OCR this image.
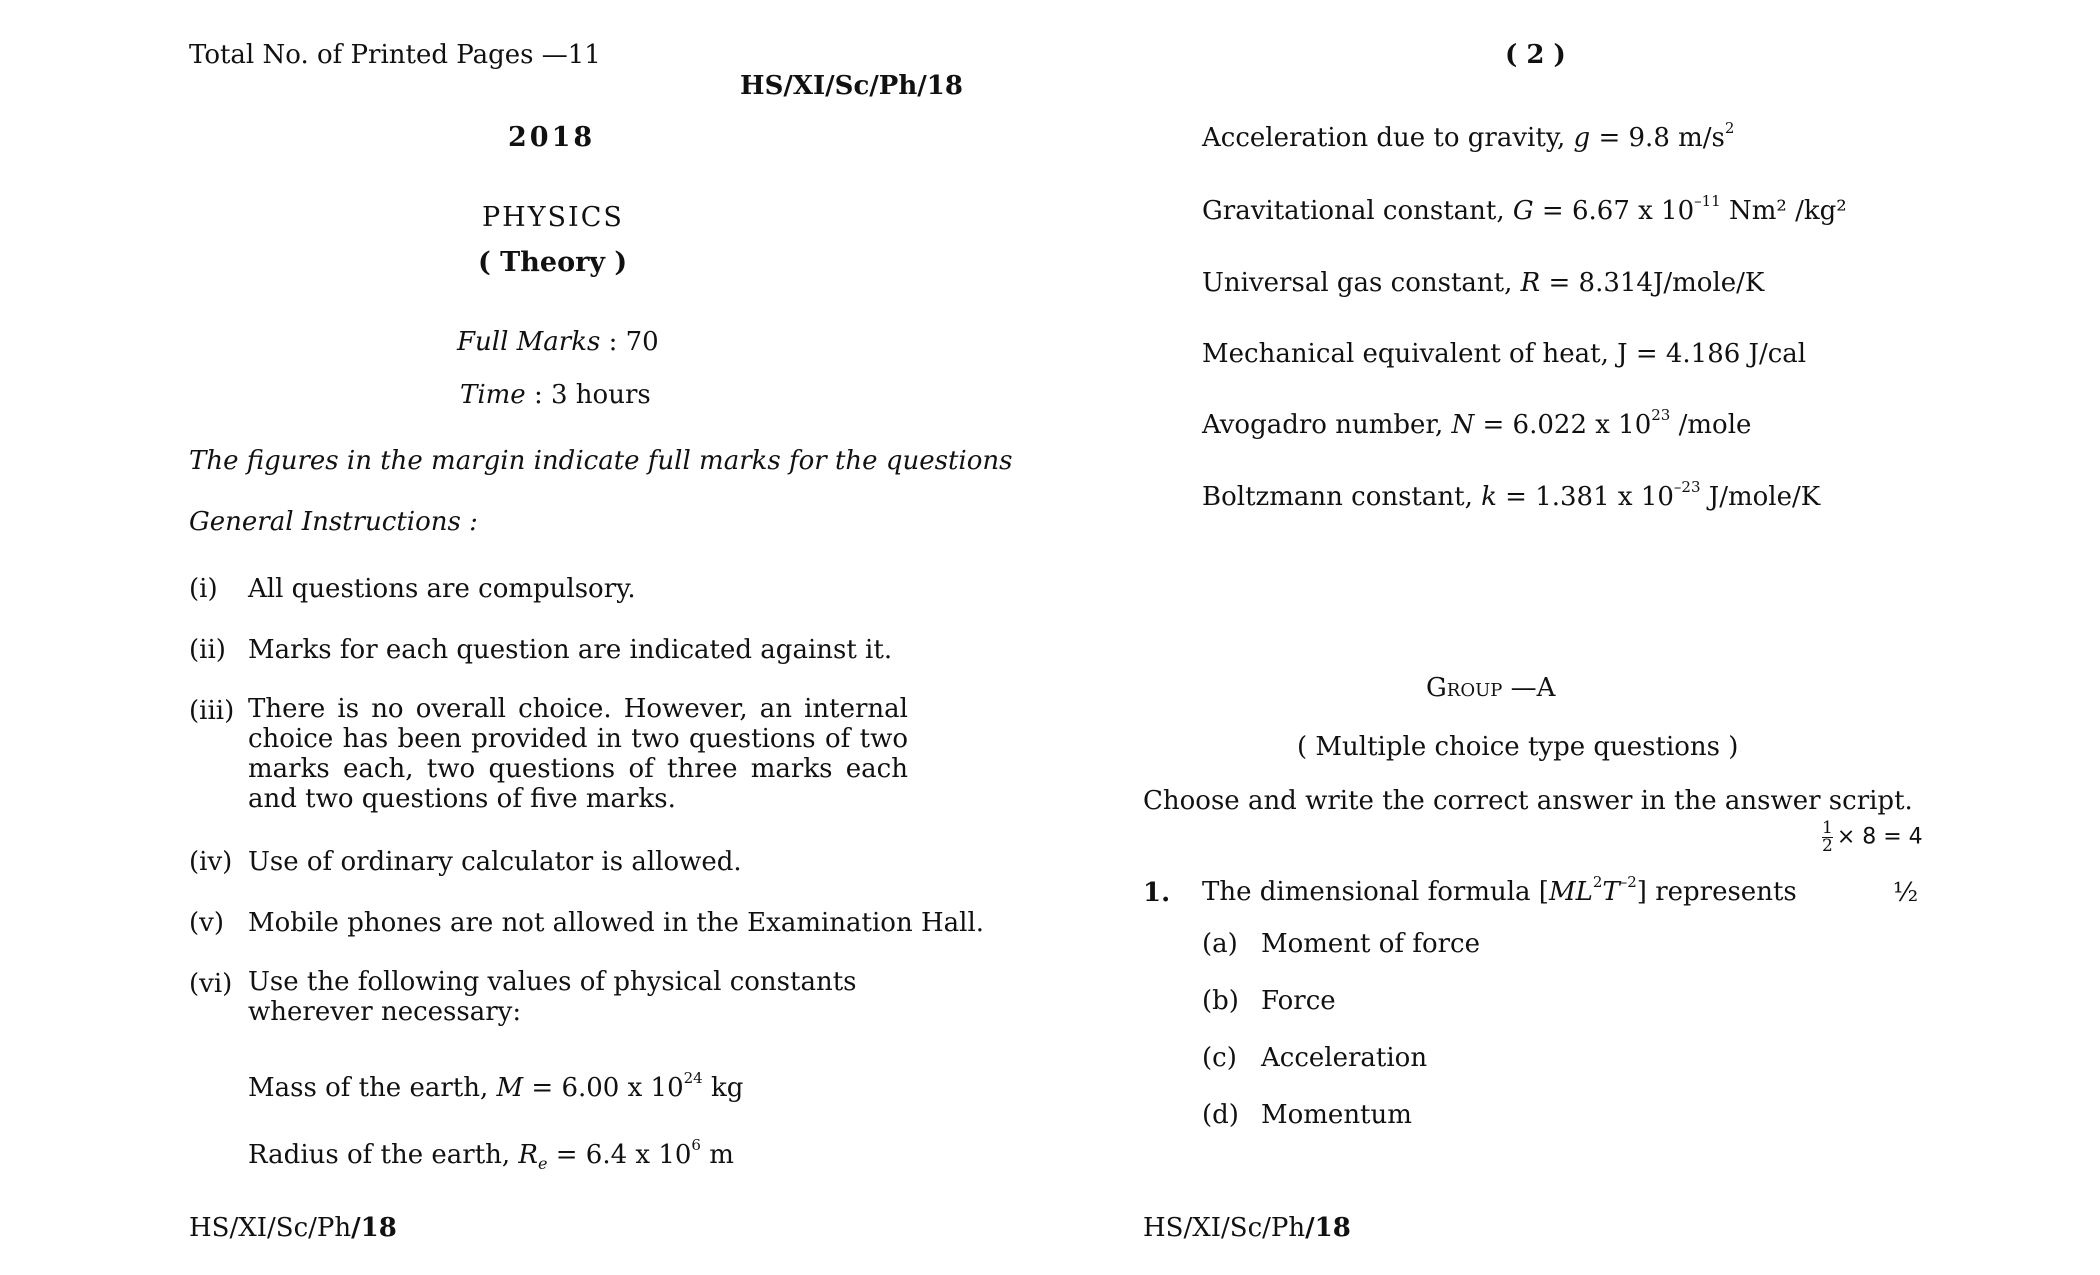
Total No. of Printed Pages —11
HS/XI/Sc/Ph/18
2018
PHYSICS
( Theory )
Full Marks : 70
Time : 3 hours
The figures in the margin indicate full marks for the questions
General Instructions :
(i) All questions are compulsory.
(ii) Marks for each question are indicated against it.
(iii) There is no overall choice. However, an internal choice has been provided in two questions of two marks each, two questions of three marks each and two questions of five marks.
(iv) Use of ordinary calculator is allowed.
(v) Mobile phones are not allowed in the Examination Hall.
(vi) Use the following values of physical constants wherever necessary:
Mass of the earth, M = 6.00 x $10^{24}$ kg
Radius of the earth, $R_e = 6.4$ x $10^6$ m
HS/XI/Sc/Ph/18
( 2 )
Acceleration due to gravity, g = 9.8 $m/s^2$
Gravitational constant, G = 6.67 x $10^{-11}$ Nm² /kg²
Universal gas constant, R = 8.314J/mole/K
Mechanical equivalent of heat, J = 4.186 J/cal
Avogadro number, N = 6.022 x $10^{23}$ /mole
Boltzmann constant, k = 1.381 x $10^{-23}$ J/mole/K
Group —A
( Multiple choice type questions )
Choose and write the correct answer in the answer script.
$\frac{1}{2} \times 8 = 4$
1. The dimensional formula $[ML^2T^{-2}]$ represents	½
(a) Moment of force
(b) Force
(c) Acceleration
(d) Momentum
HS/XI/Sc/Ph/18
